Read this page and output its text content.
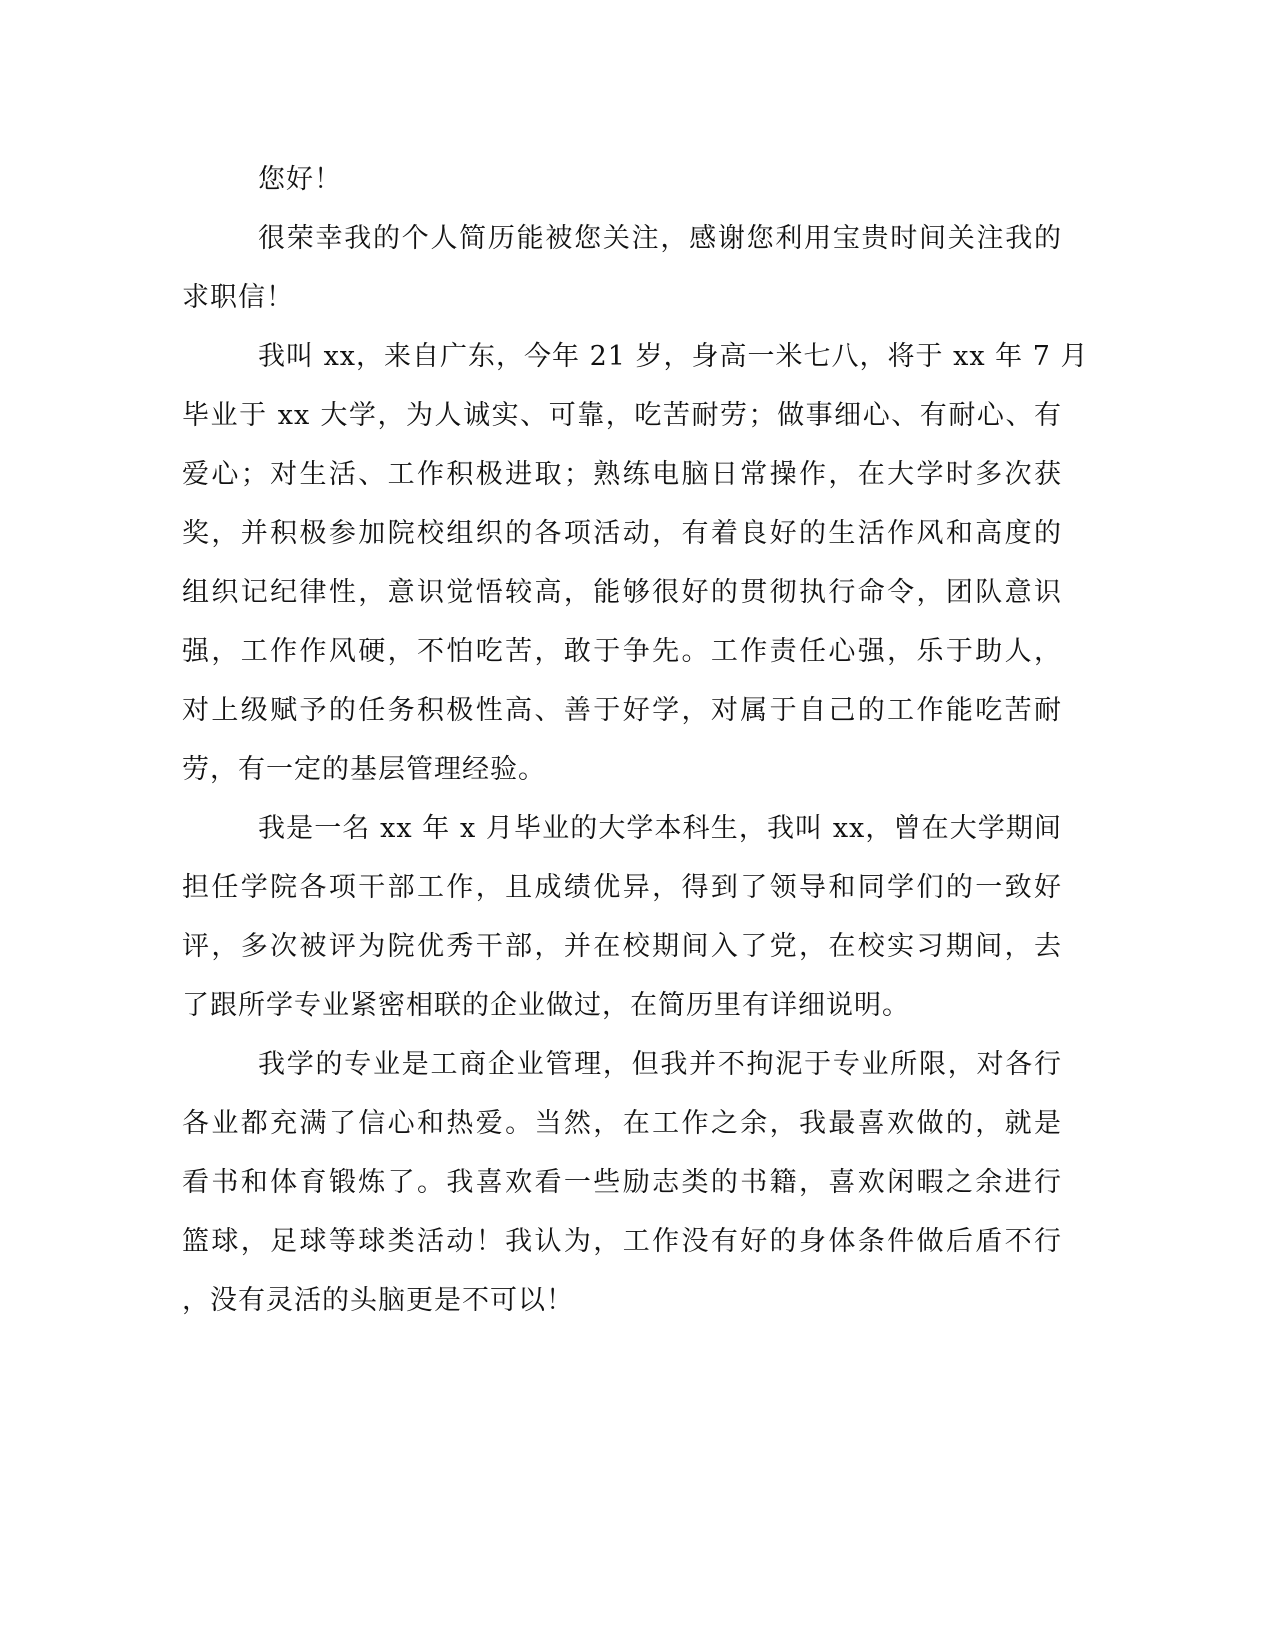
您好！
很荣幸我的个人简历能被您关注，感谢您利用宝贵时间关注我的
求职信！
我叫 xx，来自广东，今年 21 岁，身高一米七八，将于 xx 年 7 月
毕业于 xx 大学，为人诚实、可靠，吃苦耐劳；做事细心、有耐心、有
爱心；对生活、工作积极进取；熟练电脑日常操作，在大学时多次获
奖，并积极参加院校组织的各项活动，有着良好的生活作风和高度的
组织记纪律性，意识觉悟较高，能够很好的贯彻执行命令，团队意识
强，工作作风硬，不怕吃苦，敢于争先。工作责任心强，乐于助人，
对上级赋予的任务积极性高、善于好学，对属于自己的工作能吃苦耐
劳，有一定的基层管理经验。
我是一名 xx 年 x 月毕业的大学本科生，我叫 xx，曾在大学期间
担任学院各项干部工作，且成绩优异，得到了领导和同学们的一致好
评，多次被评为院优秀干部，并在校期间入了党，在校实习期间，去
了跟所学专业紧密相联的企业做过，在简历里有详细说明。
我学的专业是工商企业管理，但我并不拘泥于专业所限，对各行
各业都充满了信心和热爱。当然，在工作之余，我最喜欢做的，就是
看书和体育锻炼了。我喜欢看一些励志类的书籍，喜欢闲暇之余进行
篮球，足球等球类活动！我认为，工作没有好的身体条件做后盾不行
，没有灵活的头脑更是不可以！
